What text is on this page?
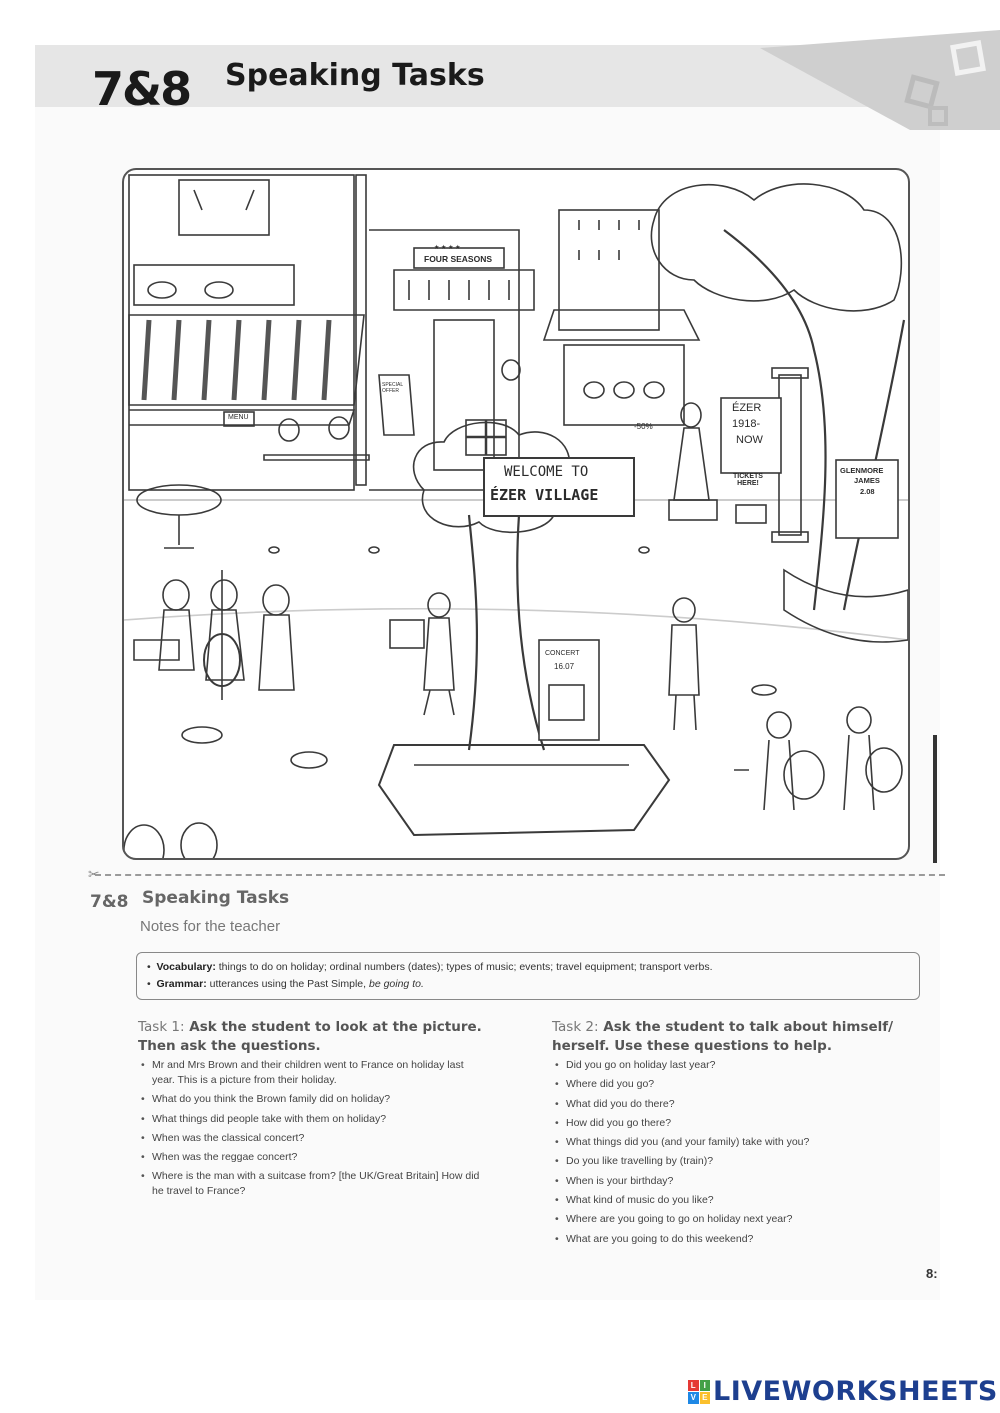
7&8 Speaking Tasks
★ ★ ★ ★
FOUR SEASONS
MENU
SPECIAL OFFER
-50%
WELCOME TO
ÉZER VILLAGE
ÉZER
1918-
NOW
TICKETS HERE!
GLENMORE
JAMES
2.08
CONCERT
16.07
✂
7&8 Speaking Tasks
Notes for the teacher
•  Vocabulary: things to do on holiday; ordinal numbers (dates); types of music; events; travel equipment; transport verbs.
•  Grammar: utterances using the Past Simple, be going to.
Task 1: Ask the student to look at the picture. Then ask the questions.
• Mr and Mrs Brown and their children went to France on holiday last year. This is a picture from their holiday.
• What do you think the Brown family did on holiday?
• What things did people take with them on holiday?
• When was the classical concert?
• When was the reggae concert?
• Where is the man with a suitcase from? [the UK/Great Britain] How did he travel to France?
Task 2: Ask the student to talk about himself/ herself. Use these questions to help.
• Did you go on holiday last year?
• Where did you go?
• What did you do there?
• How did you go there?
• What things did you (and your family) take with you?
• Do you like travelling by (train)?
• When is your birthday?
• What kind of music do you like?
• Where are you going to go on holiday next year?
• What are you going to do this weekend?
8:
L I
V E LIVEWORKSHEETS
